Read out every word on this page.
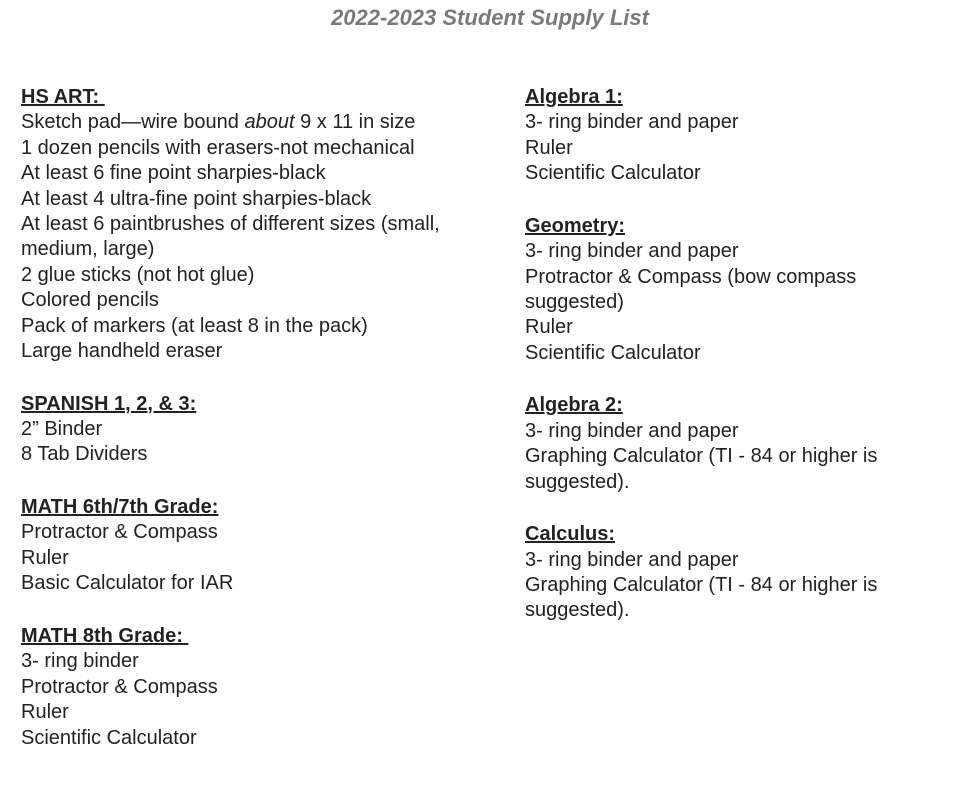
2022-2023 Student Supply List
HS ART:
Sketch pad—wire bound about 9 x 11 in size
1 dozen pencils with erasers-not mechanical
At least 6 fine point sharpies-black
At least 4 ultra-fine point sharpies-black
At least 6 paintbrushes of different sizes (small, medium, large)
2 glue sticks (not hot glue)
Colored pencils
Pack of markers (at least 8 in the pack)
Large handheld eraser
SPANISH 1, 2, & 3:
2” Binder
8 Tab Dividers
MATH 6th/7th Grade:
Protractor & Compass
Ruler
Basic Calculator for IAR
MATH 8th Grade:
3- ring binder
Protractor & Compass
Ruler
Scientific Calculator
Algebra 1:
3- ring binder and paper
Ruler
Scientific Calculator
Geometry:
3- ring binder and paper
Protractor & Compass (bow compass suggested)
Ruler
Scientific Calculator
Algebra 2:
3- ring binder and paper
Graphing Calculator (TI - 84 or higher is suggested).
Calculus:
3- ring binder and paper
Graphing Calculator (TI - 84 or higher is suggested).
